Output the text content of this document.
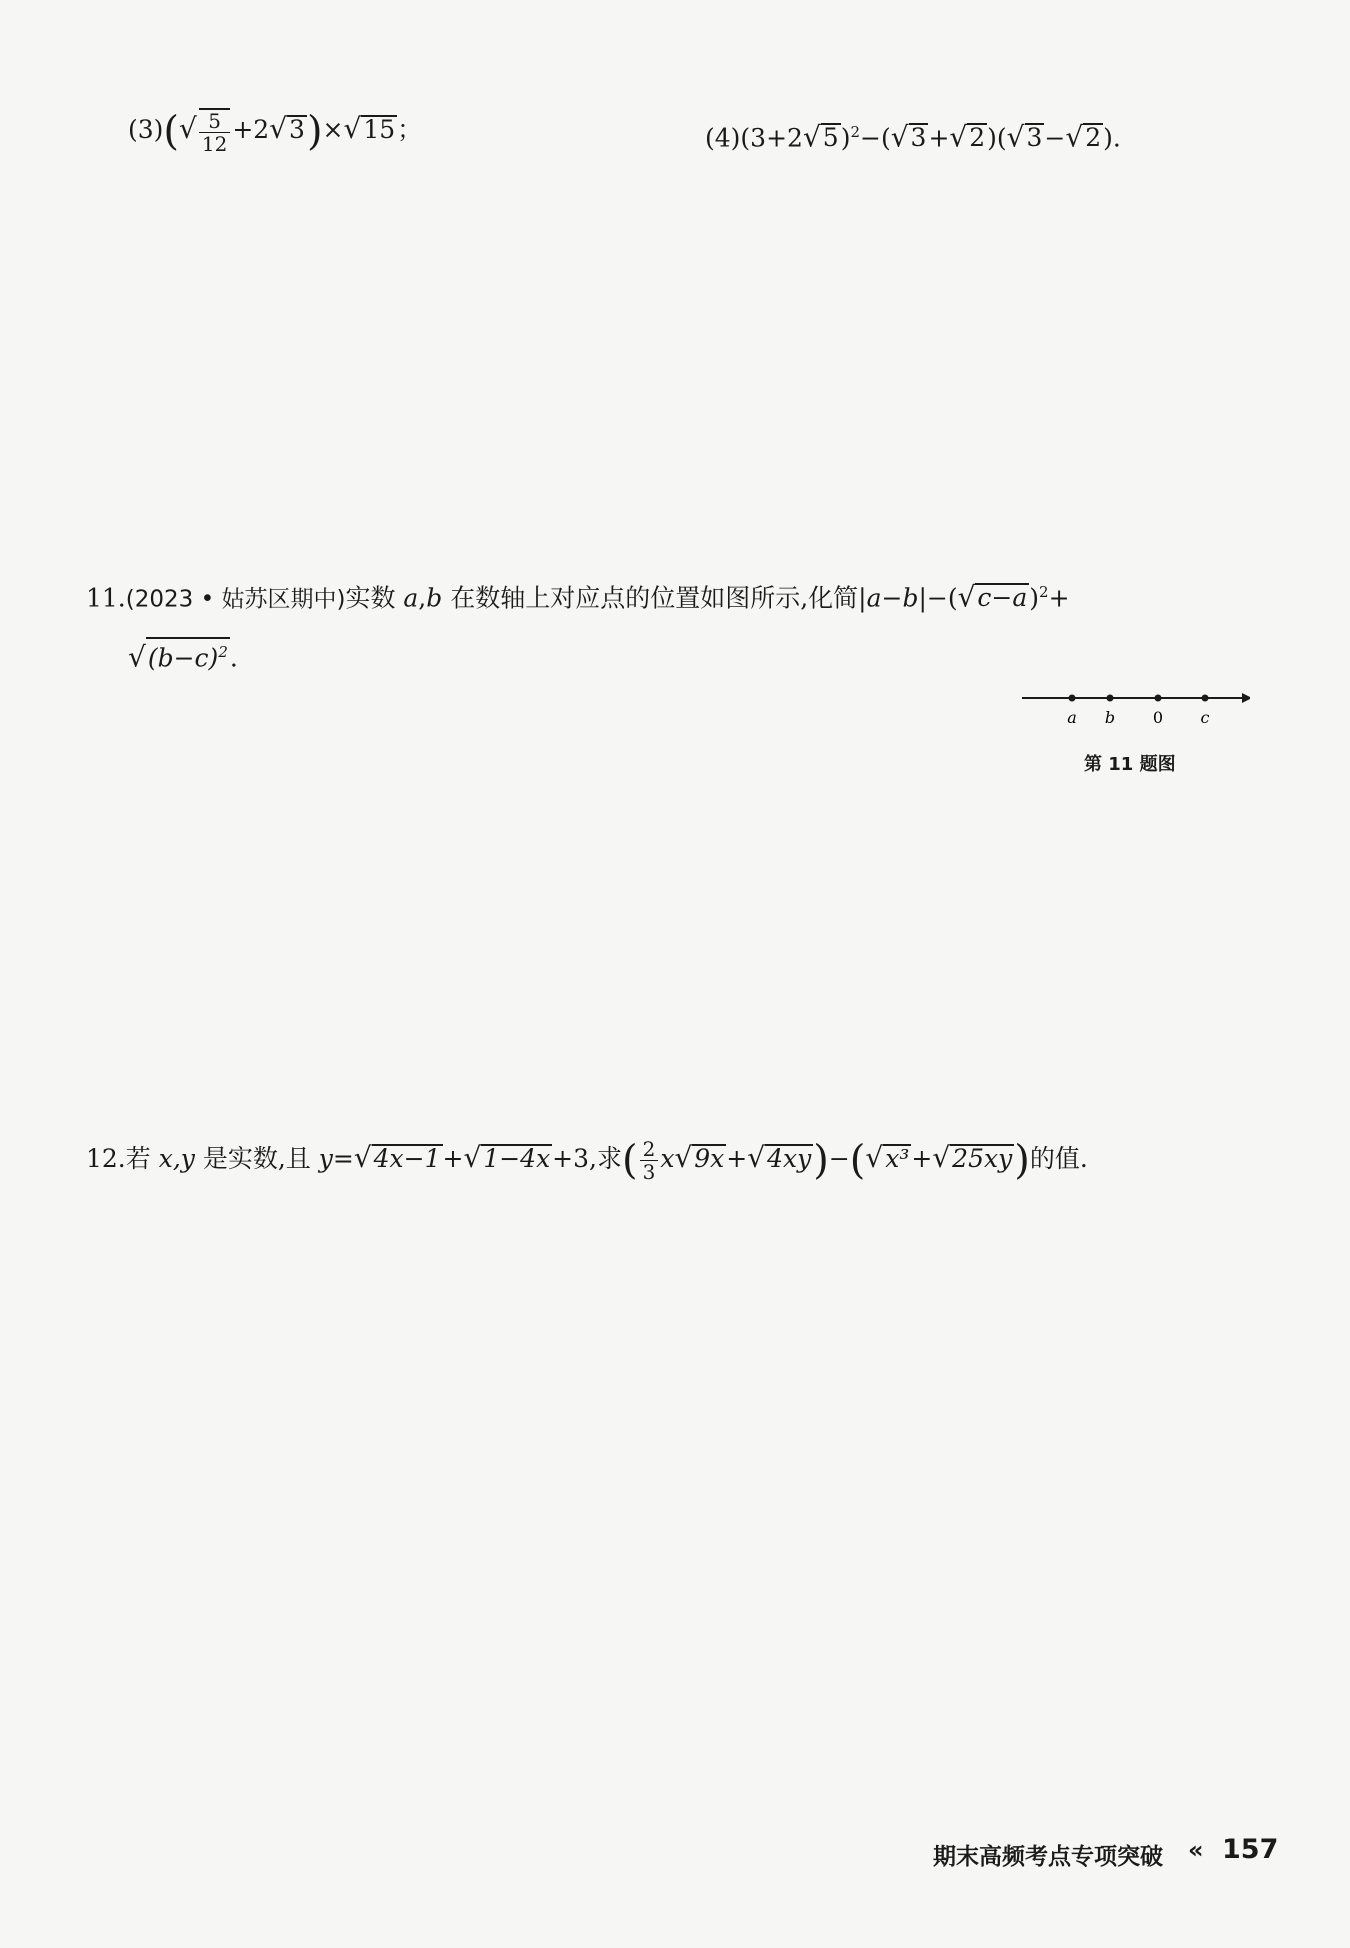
$(3)(√ \frac{5}{12} +2√3)\times√15$；	$(4)(3+2√5)^2-(√3+√2)(√3-√2)$.
11.(2023 • 姑苏区期中)实数 a,b 在数轴上对应点的位置如图所示,化简$|a-b|-(√c-a)^2+$
$√(b-c)^2$.
a b 0 c
第 11 题图
12.若 x,y 是实数,且 y=√4x−1+√1−4x+3,求( $\frac{2}{3} x√9x+√4xy)-(√x^3+√25xy)$的值.
期末高频考点专项突破 « 157
